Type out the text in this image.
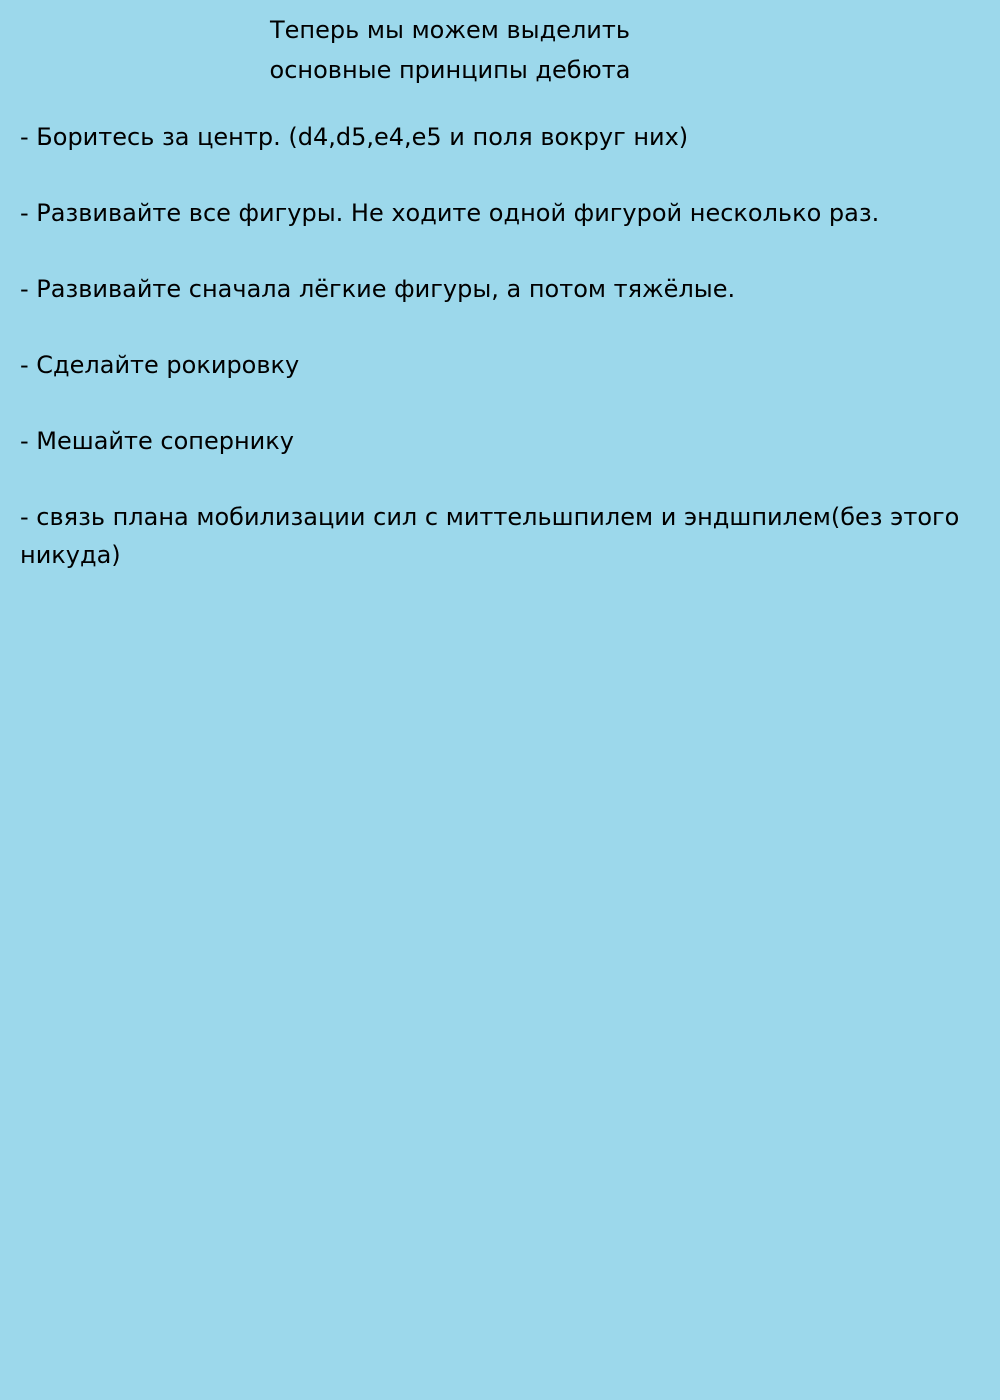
Теперь мы можем выделить
основные принципы дебюта
- Боритесь за центр. (d4,d5,e4,e5 и поля вокруг них)
- Развивайте все фигуры. Не ходите одной фигурой несколько раз.
- Развивайте сначала лёгкие фигуры, а потом тяжёлые.
- Сделайте рокировку
- Мешайте сопернику
- связь плана мобилизации сил с миттельшпилем и эндшпилем(без этого никуда)
